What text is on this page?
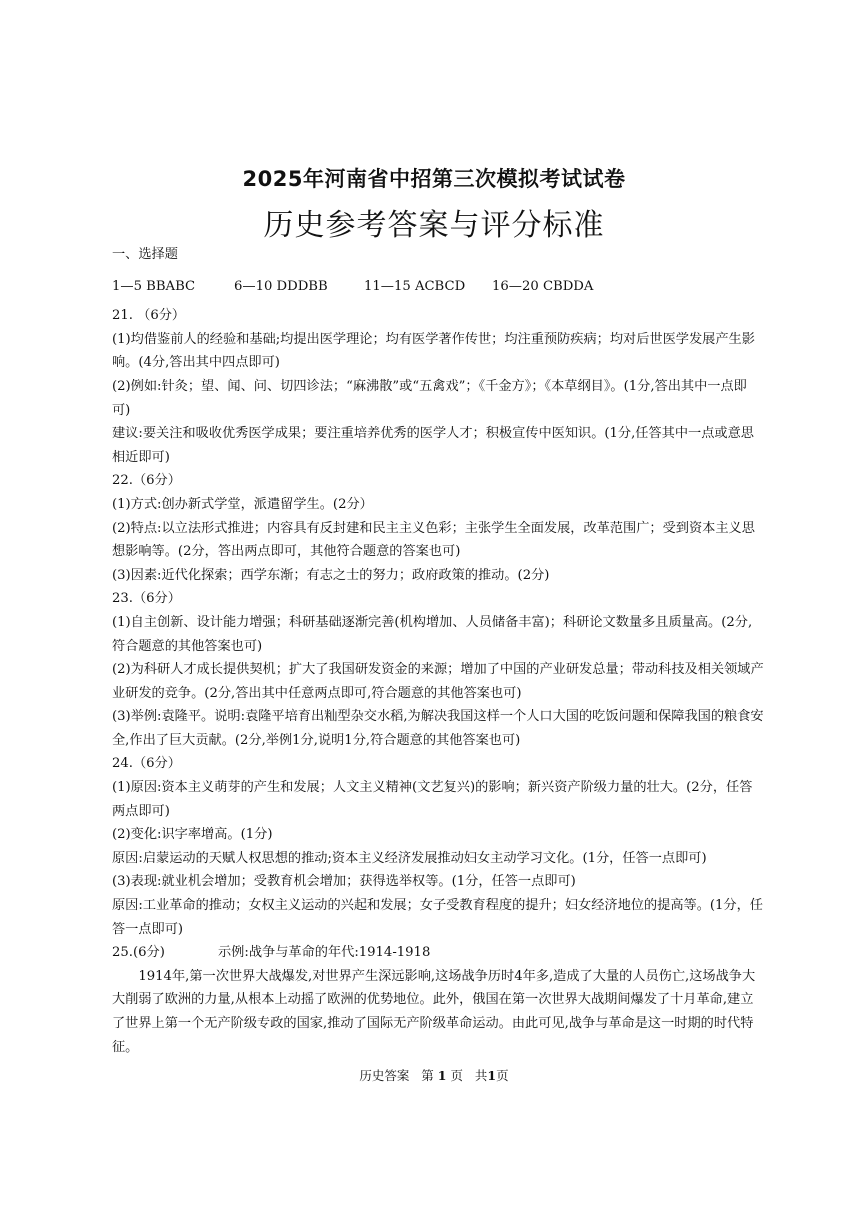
2025年河南省中招第三次模拟考试试卷
历史参考答案与评分标准
一、选择题
1—5 BBABC	6—10 DDDBB	11—15 ACBCD	16—20 CBDDA
21. （6分）
(1)均借鉴前人的经验和基础;均提出医学理论；均有医学著作传世；均注重预防疾病；均对后世医学发展产生影响。(4分,答出其中四点即可)
(2)例如:针灸；望、闻、问、切四诊法；“麻沸散”或“五禽戏”；《千金方》；《本草纲目》。(1分,答出其中一点即可)
建议:要关注和吸收优秀医学成果；要注重培养优秀的医学人才；积极宣传中医知识。(1分,任答其中一点或意思相近即可)
22.（6分）
(1)方式:创办新式学堂，派遣留学生。(2分）
(2)特点:以立法形式推进；内容具有反封建和民主主义色彩；主张学生全面发展，改革范围广；受到资本主义思想影响等。(2分，答出两点即可，其他符合题意的答案也可)
(3)因素:近代化探索；西学东渐；有志之士的努力；政府政策的推动。(2分)
23.（6分）
(1)自主创新、设计能力增强；科研基础逐渐完善(机构增加、人员储备丰富)；科研论文数量多且质量高。(2分,符合题意的其他答案也可)
(2)为科研人才成长提供契机；扩大了我国研发资金的来源；增加了中国的产业研发总量；带动科技及相关领域产业研发的竞争。(2分,答出其中任意两点即可,符合题意的其他答案也可)
(3)举例:袁隆平。说明:袁隆平培育出籼型杂交水稻,为解决我国这样一个人口大国的吃饭问题和保障我国的粮食安全,作出了巨大贡献。(2分,举例1分,说明1分,符合题意的其他答案也可)
24.（6分）
(1)原因:资本主义萌芽的产生和发展；人文主义精神(文艺复兴)的影响；新兴资产阶级力量的壮大。(2分，任答两点即可)
(2)变化:识字率增高。(1分)
原因:启蒙运动的天赋人权思想的推动;资本主义经济发展推动妇女主动学习文化。(1分，任答一点即可)
(3)表现:就业机会增加；受教育机会增加；获得选举权等。(1分，任答一点即可)
原因:工业革命的推动；女权主义运动的兴起和发展；女子受教育程度的提升；妇女经济地位的提高等。(1分，任答一点即可)
25.(6分)	示例:战争与革命的年代:1914-1918
1914年,第一次世界大战爆发,对世界产生深远影响,这场战争历时4年多,造成了大量的人员伤亡,这场战争大大削弱了欧洲的力量,从根本上动摇了欧洲的优势地位。此外，俄国在第一次世界大战期间爆发了十月革命,建立了世界上第一个无产阶级专政的国家,推动了国际无产阶级革命运动。由此可见,战争与革命是这一时期的时代特征。
历史答案 第 1 页 共1页
